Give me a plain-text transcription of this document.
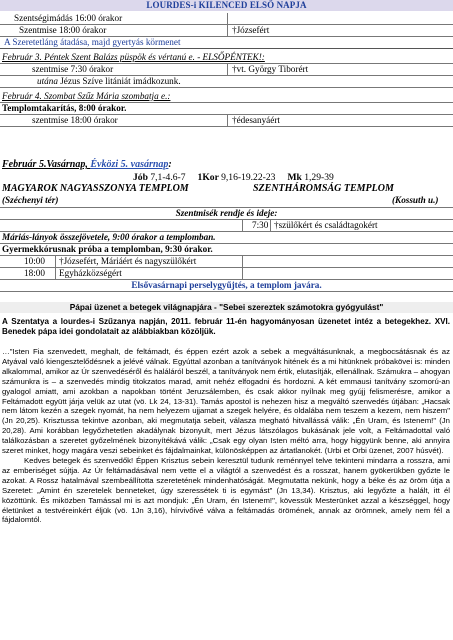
LOURDES-i KILENCED ELSŐ NAPJA
Szentségimádás 16:00 órakor
Szentmise 18:00 órakor	†Józsefért
A Szeretetláng átadása, majd gyertyás körmenet
Február 3. Péntek Szent Balázs püspök és vértanú e. - ELSŐPÉNTEK!:
szentmise 7:30 órakor	†vt. György Tiborért
utána Jézus Szíve litániát imádkozunk.
Február 4. Szombat Szűz Mária szombatja e.:
Templomtakarítás, 8:00 órakor.
szentmise 18:00 órakor	†édesanyáért
Február 5.Vasárnap, Évközi 5. vasárnap:
Jób 7,1-4.6-7 1Kor 9,16-19.22-23 Mk 1,29-39
MAGYAROK NAGYASSZONYA TEMPLOM	SZENTHÁROMSÁG TEMPLOM
(Széchenyi tér)	(Kossuth u.)
Szentmisék rendje és ideje:
7:30 †szülőkért és családtagokért
Máriás-lányok összejövetele, 9:00 órakor a templomban.
Gyermekkórusnak próba a templomban, 9:30 órakor.
10:00 †Józsefért, Máriáért és nagyszülőkért
18:00 Egyházközségért
Elsővasárnapi perselygyűjtés, a templom javára.
Pápai üzenet a betegek világnapjára - "Sebei szereztek számotokra gyógyulást"
A Szentatya a lourdes-i Szűzanya napján, 2011. február 11-én hagyományosan üzenetet intéz a betegekhez. XVI. Benedek pápa idei gondolatait az alábbiakban közöljük.

…"Isten Fia szenvedett, meghalt, de feltámadt, és éppen ezért azok a sebek a megváltásunknak, a megbocsátásnak és az Atyával való kiengesztelődésnek a jelévé válnak. Egyúttal azonban a tanítványok hitének és a mi hitünknek próbakövei is: minden alkalommal, amikor az Úr szenvedéséről és haláláról beszél, a tanítványok nem értik, elutasítják, ellenállnak. Számukra – ahogyan számunkra is – a szenvedés mindig titokzatos marad, amit nehéz elfogadni és hordozni. A két emmausi tanítvány szomorú-an gyalogol amiatt, ami azokban a napokban történt Jeruzsálemben, és csak akkor nyílnak meg gyújj felismerésre, amikor a Feltámadott együtt járja velük az utat (vö. Lk 24, 13-31). Tamás apostol is nehezen hisz a megváltó szenvedés útjában: „Hacsak nem látom kezén a szegek nyomát, ha nem helyezem ujjamat a szegek helyére, és oldalába nem teszem a kezem, nem hiszem" (Jn 20,25). Krisztussa tekintve azonban, aki megmutatja sebeit, válasza megható hitvallássá válik: „Én Uram, és Istenem!" (Jn 20,28). Ami korábban legyőzhetetlen akadálynak bizonyult, mert Jézus látszólagos bukásának jele volt, a Feltámadottal való találkozásban a szeretet győzelmének bizonyítékává válik: „Csak egy olyan Isten méltó arra, hogy higgyünk benne, aki annyira szeret minket, hogy magára veszi sebeinket és fájdalmainkat, különösképpen az ártatlanokét. (Urbi et Orbi üzenet, 2007 húsvét).

Kedves betegek és szenvedők! Éppen Krisztus sebein keresztül tudunk reménnyel telve tekinteni mindarra a rosszra, ami az emberiséget sújtja. Az Úr feltámadásával nem vette el a világtól a szenvedést és a rosszat, hanem gyökerükben győzte le azokat. A Rossz hatalmával szembeállította szeretetének mindenhatóságát. Megmutatta nekünk, hogy a béke és az öröm útja a Szeretet: „Amint én szeretelek benneteket, úgy szeressétek ti is egymást" (Jn 13,34). Krisztus, aki legyőzte a halált, itt él közöttünk. És miközben Tamással mi is azt mondjuk: „Én Uram, én Istenem!", kövessük Mesterünket azzal a készséggel, hogy életünket a testvéreinkért éljük (vö. 1Jn 3,16), hírvivőivé válva a feltámadás örömének, annak az örömnek, amely nem fél a fájdalomtól.
